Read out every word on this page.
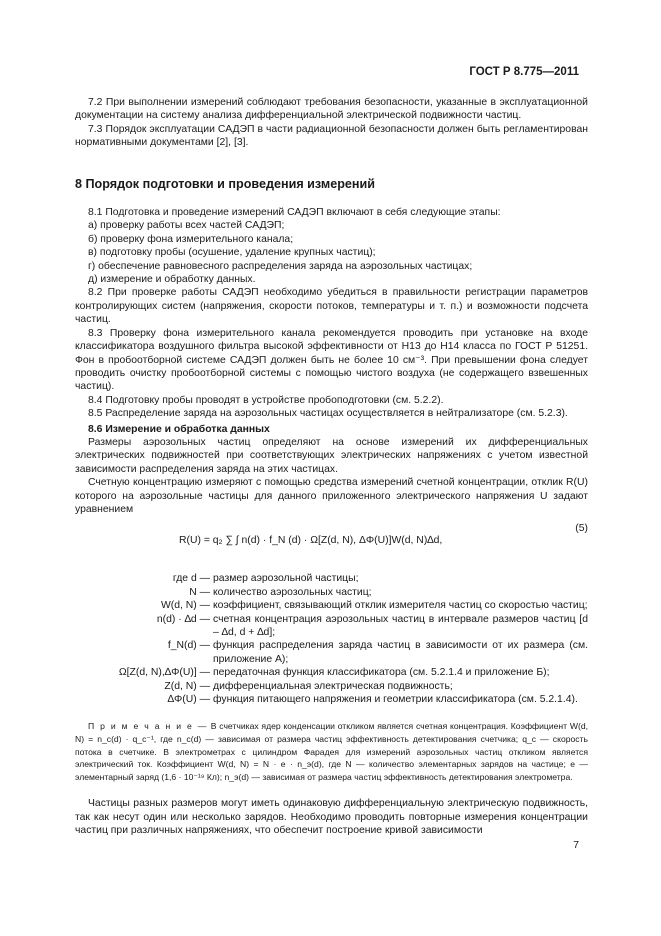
ГОСТ Р 8.775—2011

7.2 При выполнении измерений соблюдают требования безопасности, указанные в эксплуатационной документации на систему анализа дифференциальной электрической подвижности частиц.

7.3 Порядок эксплуатации САДЭП в части радиационной безопасности должен быть регламентирован нормативными документами [2], [3].

8 Порядок подготовки и проведения измерений

8.1 Подготовка и проведение измерений САДЭП включают в себя следующие этапы:

а) проверку работы всех частей САДЭП;

б) проверку фона измерительного канала;

в) подготовку пробы (осушение, удаление крупных частиц);

г) обеспечение равновесного распределения заряда на аэрозольных частицах;

д) измерение и обработку данных.

8.2 При проверке работы САДЭП необходимо убедиться в правильности регистрации параметров контролирующих систем (напряжения, скорости потоков, температуры и т. п.) и возможности подсчета частиц.

8.3 Проверку фона измерительного канала рекомендуется проводить при установке на входе классификатора воздушного фильтра высокой эффективности от Н13 до Н14 класса по ГОСТ Р 51251. Фон в пробоотборной системе САДЭП должен быть не более 10 см⁻³. При превышении фона следует проводить очистку пробоотборной системы с помощью чистого воздуха (не содержащего взвешенных частиц).

8.4 Подготовку пробы проводят в устройстве пробоподготовки (см. 5.2.2).

8.5 Распределение заряда на аэрозольных частицах осуществляется в нейтрализаторе (см. 5.2.3).

8.6 Измерение и обработка данных

Размеры аэрозольных частиц определяют на основе измерений их дифференциальных электрических подвижностей при соответствующих электрических напряжениях с учетом известной зависимости распределения заряда на этих частицах.

Счетную концентрацию измеряют с помощью средства измерений счетной концентрации, отклик R(U) которого на аэрозольные частицы для данного приложенного электрического напряжения U задают уравнением

R(U) = q₂ ∑ ∫ n(d) · f_N (d) · Ω[Z(d, N), ΔΦ(U)]W(d, N)∆d,
(5)
где d — размер аэрозольной частицы;
N — количество аэрозольных частиц;
W(d, N) — коэффициент, связывающий отклик измерителя частиц со скоростью частиц;
n(d) · ∆d — счетная концентрация аэрозольных частиц в интервале размеров частиц [d – ∆d, d + ∆d];
f_N(d) — функция распределения заряда частиц в зависимости от их размера (см. приложение А);
Ω[Z(d, N),∆Φ(U)] — передаточная функция классификатора (см. 5.2.1.4 и приложение Б);
Z(d, N) — дифференциальная электрическая подвижность;
∆Φ(U) — функция питающего напряжения и геометрии классификатора (см. 5.2.1.4).

П р и м е ч а н и е — В счетчиках ядер конденсации откликом является счетная концентрация. Коэффициент W(d, N) = n_c(d) · q_c⁻¹, где n_c(d) — зависимая от размера частиц эффективность детектирования счетчика; q_c — скорость потока в счетчике. В электрометрах с цилиндром Фарадея для измерений аэрозольных частиц откликом является электрический ток. Коэффициент W(d, N) = N · e · n_э(d), где N — количество элементарных зарядов на частице; e — элементарный заряд (1,6 · 10⁻¹⁹ Кл); n_э(d) — зависимая от размера частиц эффективность детектирования электрометра.

Частицы разных размеров могут иметь одинаковую дифференциальную электрическую подвижность, так как несут один или несколько зарядов. Необходимо проводить повторные измерения концентрации частиц при различных напряжениях, что обеспечит построение кривой зависимости

7
